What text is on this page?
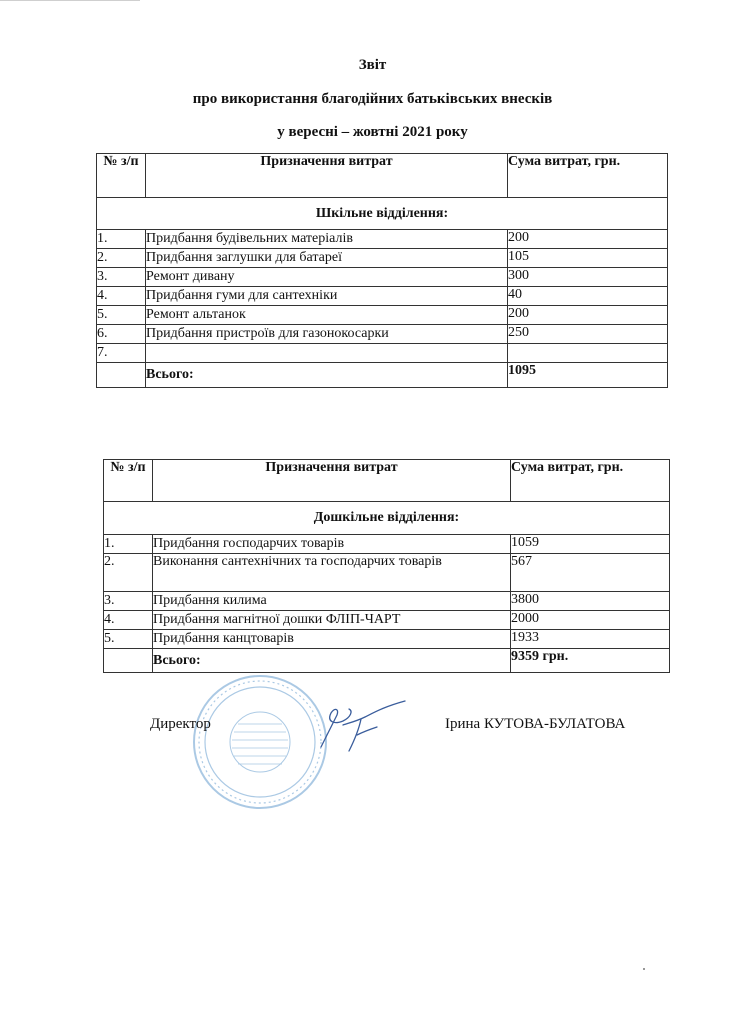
Звіт
про використання благодійних батьківських внесків
у вересні – жовтні 2021 року
№ з/п	Призначення витрат	Сума витрат, грн.
Шкільне відділення:		
1.	Придбання будівельних матеріалів	200
2.	Придбання заглушки для батареї	105
3.	Ремонт дивану	300
4.	Придбання гуми для сантехніки	40
5.	Ремонт альтанок	200
6.	Придбання пристроїв для газонокосарки	250
7.		
	Всього:	1095
№ з/п	Призначення витрат	Сума витрат, грн.
Дошкільне відділення:		
1.	Придбання господарчих товарів	1059
2.	Виконання сантехнічних та господарчих товарів	567
3.	Придбання килима	3800
4.	Придбання магнітної дошки ФЛІП-ЧАРТ	2000
5.	Придбання канцтоварів	1933
	Всього:	9359 грн.
Директор	Ірина КУТОВА-БУЛАТОВА
